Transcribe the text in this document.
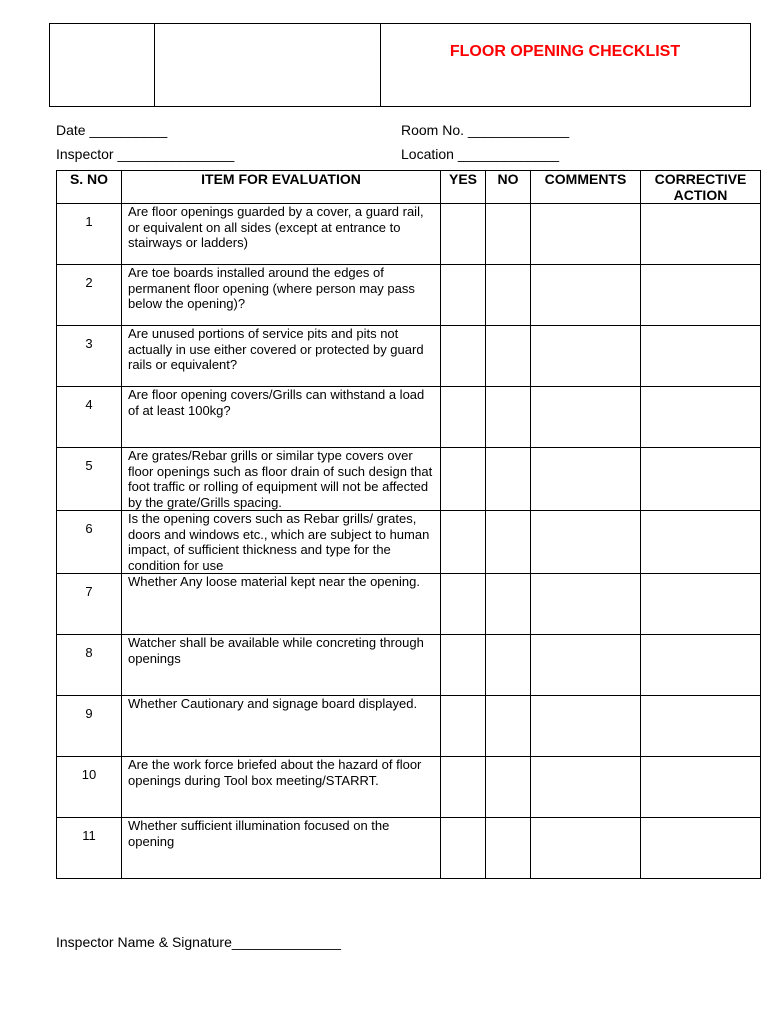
FLOOR OPENING CHECKLIST
Date __________	Room No. _____________
Inspector _______________	Location _____________
S. NO	ITEM FOR EVALUATION	YES	NO	COMMENTS	CORRECTIVE ACTION
1	Are floor openings guarded by a cover, a guard rail, or equivalent on all sides (except at entrance to stairways or ladders)				
2	Are toe boards installed around the edges of permanent floor opening (where person may pass below the opening)?				
3	Are unused portions of service pits and pits not actually in use either covered or protected by guard rails or equivalent?				
4	Are floor opening covers/Grills can withstand a load of at least 100kg?				
5	Are grates/Rebar grills or similar type covers over floor openings such as floor drain of such design that foot traffic or rolling of equipment will not be affected by the grate/Grills spacing.				
6	Is the opening covers such as Rebar grills/ grates, doors and windows etc., which are subject to human impact, of sufficient thickness and type for the condition for use				
7	Whether Any loose material kept near the opening.				
8	Watcher shall be available while concreting through openings				
9	Whether Cautionary and signage board displayed.				
10	Are the work force briefed about the hazard of floor openings during Tool box meeting/STARRT.				
11	Whether sufficient illumination focused on the opening				
Inspector Name & Signature______________
